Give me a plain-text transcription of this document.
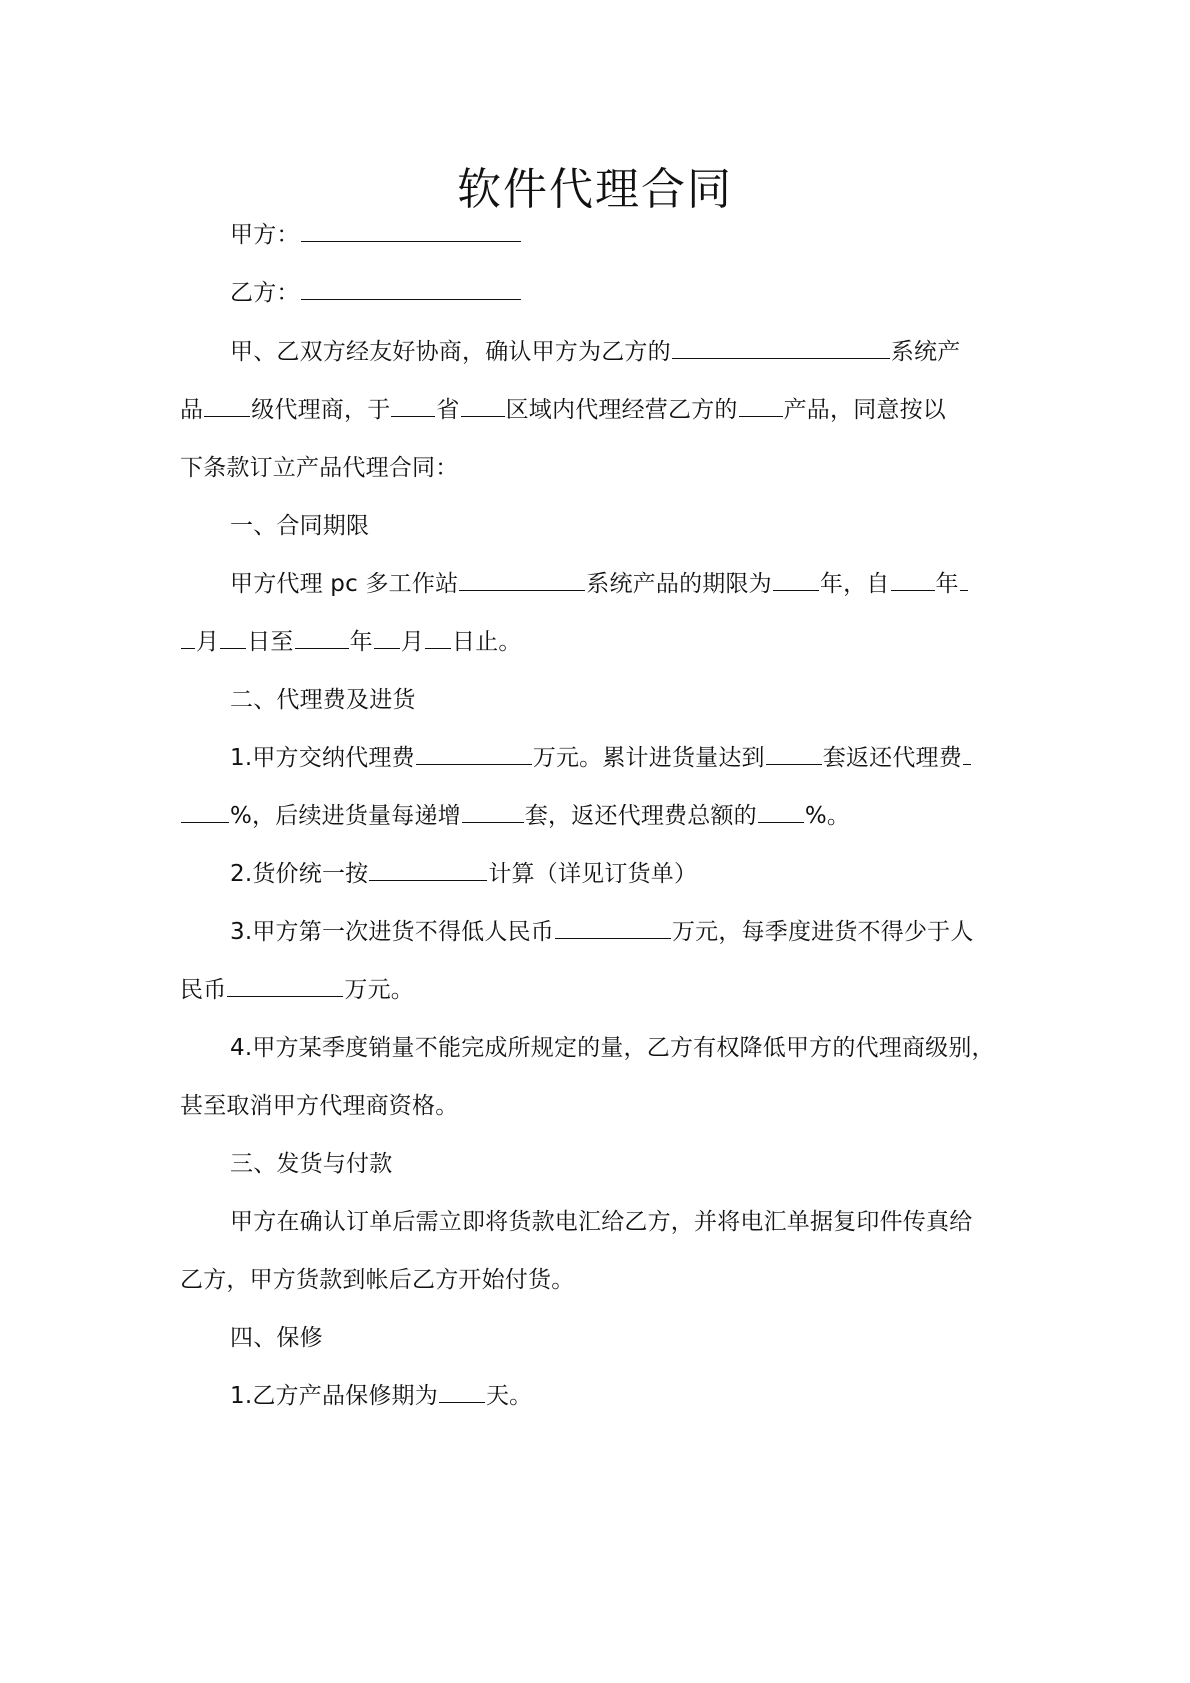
软件代理合同
甲方：
乙方：
甲、乙双方经友好协商，确认甲方为乙方的	系统产
品 级代理商，于 省 区域内代理经营乙方的 产品，同意按以
下条款订立产品代理合同：
一、合同期限
甲方代理 pc 多工作站	系统产品的期限为 年，自 年
月 日至 年 月 日止。
二、代理费及进货
1.甲方交纳代理费	万元。累计进货量达到	套返还代理费
%，后续进货量每递增	套，返还代理费总额的 %。
2.货价统一按	计算（详见订货单）
3.甲方第一次进货不得低人民币	万元，每季度进货不得少于人
民币	万元。
4.甲方某季度销量不能完成所规定的量，乙方有权降低甲方的代理商级别，
甚至取消甲方代理商资格。
三、发货与付款
甲方在确认订单后需立即将货款电汇给乙方，并将电汇单据复印件传真给
乙方，甲方货款到帐后乙方开始付货。
四、保修
1.乙方产品保修期为 天。
